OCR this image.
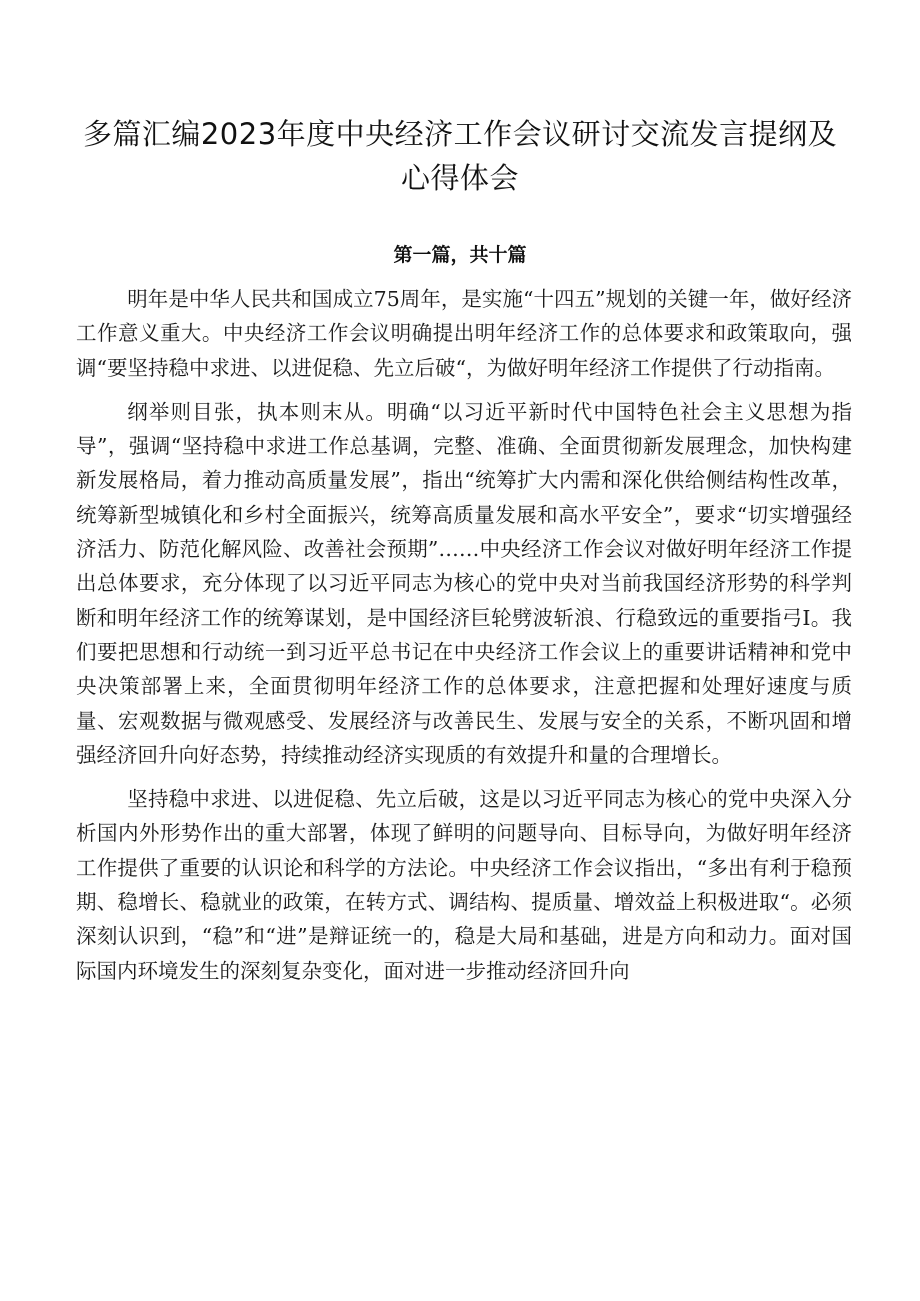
多篇汇编2023年度中央经济工作会议研讨交流发言提纲及心得体会
第一篇，共十篇

明年是中华人民共和国成立75周年，是实施“十四五”规划的关键一年，做好经济工作意义重大。中央经济工作会议明确提出明年经济工作的总体要求和政策取向，强调“要坚持稳中求进、以进促稳、先立后破“，为做好明年经济工作提供了行动指南。

纲举则目张，执本则末从。明确“以习近平新时代中国特色社会主义思想为指导”，强调“坚持稳中求进工作总基调，完整、准确、全面贯彻新发展理念，加快构建新发展格局，着力推动高质量发展”，指出“统筹扩大内需和深化供给侧结构性改革，统筹新型城镇化和乡村全面振兴，统筹高质量发展和高水平安全”，要求“切实增强经济活力、防范化解风险、改善社会预期”……中央经济工作会议对做好明年经济工作提出总体要求，充分体现了以习近平同志为核心的党中央对当前我国经济形势的科学判断和明年经济工作的统筹谋划，是中国经济巨轮劈波斩浪、行稳致远的重要指弓I。我们要把思想和行动统一到习近平总书记在中央经济工作会议上的重要讲话精神和党中央决策部署上来，全面贯彻明年经济工作的总体要求，注意把握和处理好速度与质量、宏观数据与微观感受、发展经济与改善民生、发展与安全的关系，不断巩固和增强经济回升向好态势，持续推动经济实现质的有效提升和量的合理增长。

坚持稳中求进、以进促稳、先立后破，这是以习近平同志为核心的党中央深入分析国内外形势作出的重大部署，体现了鲜明的问题导向、目标导向，为做好明年经济工作提供了重要的认识论和科学的方法论。中央经济工作会议指出，“多出有利于稳预期、稳增长、稳就业的政策，在转方式、调结构、提质量、增效益上积极进取“。必须深刻认识到，“稳”和“进”是辩证统一的，稳是大局和基础，进是方向和动力。面对国际国内环境发生的深刻复杂变化，面对进一步推动经济回升向
